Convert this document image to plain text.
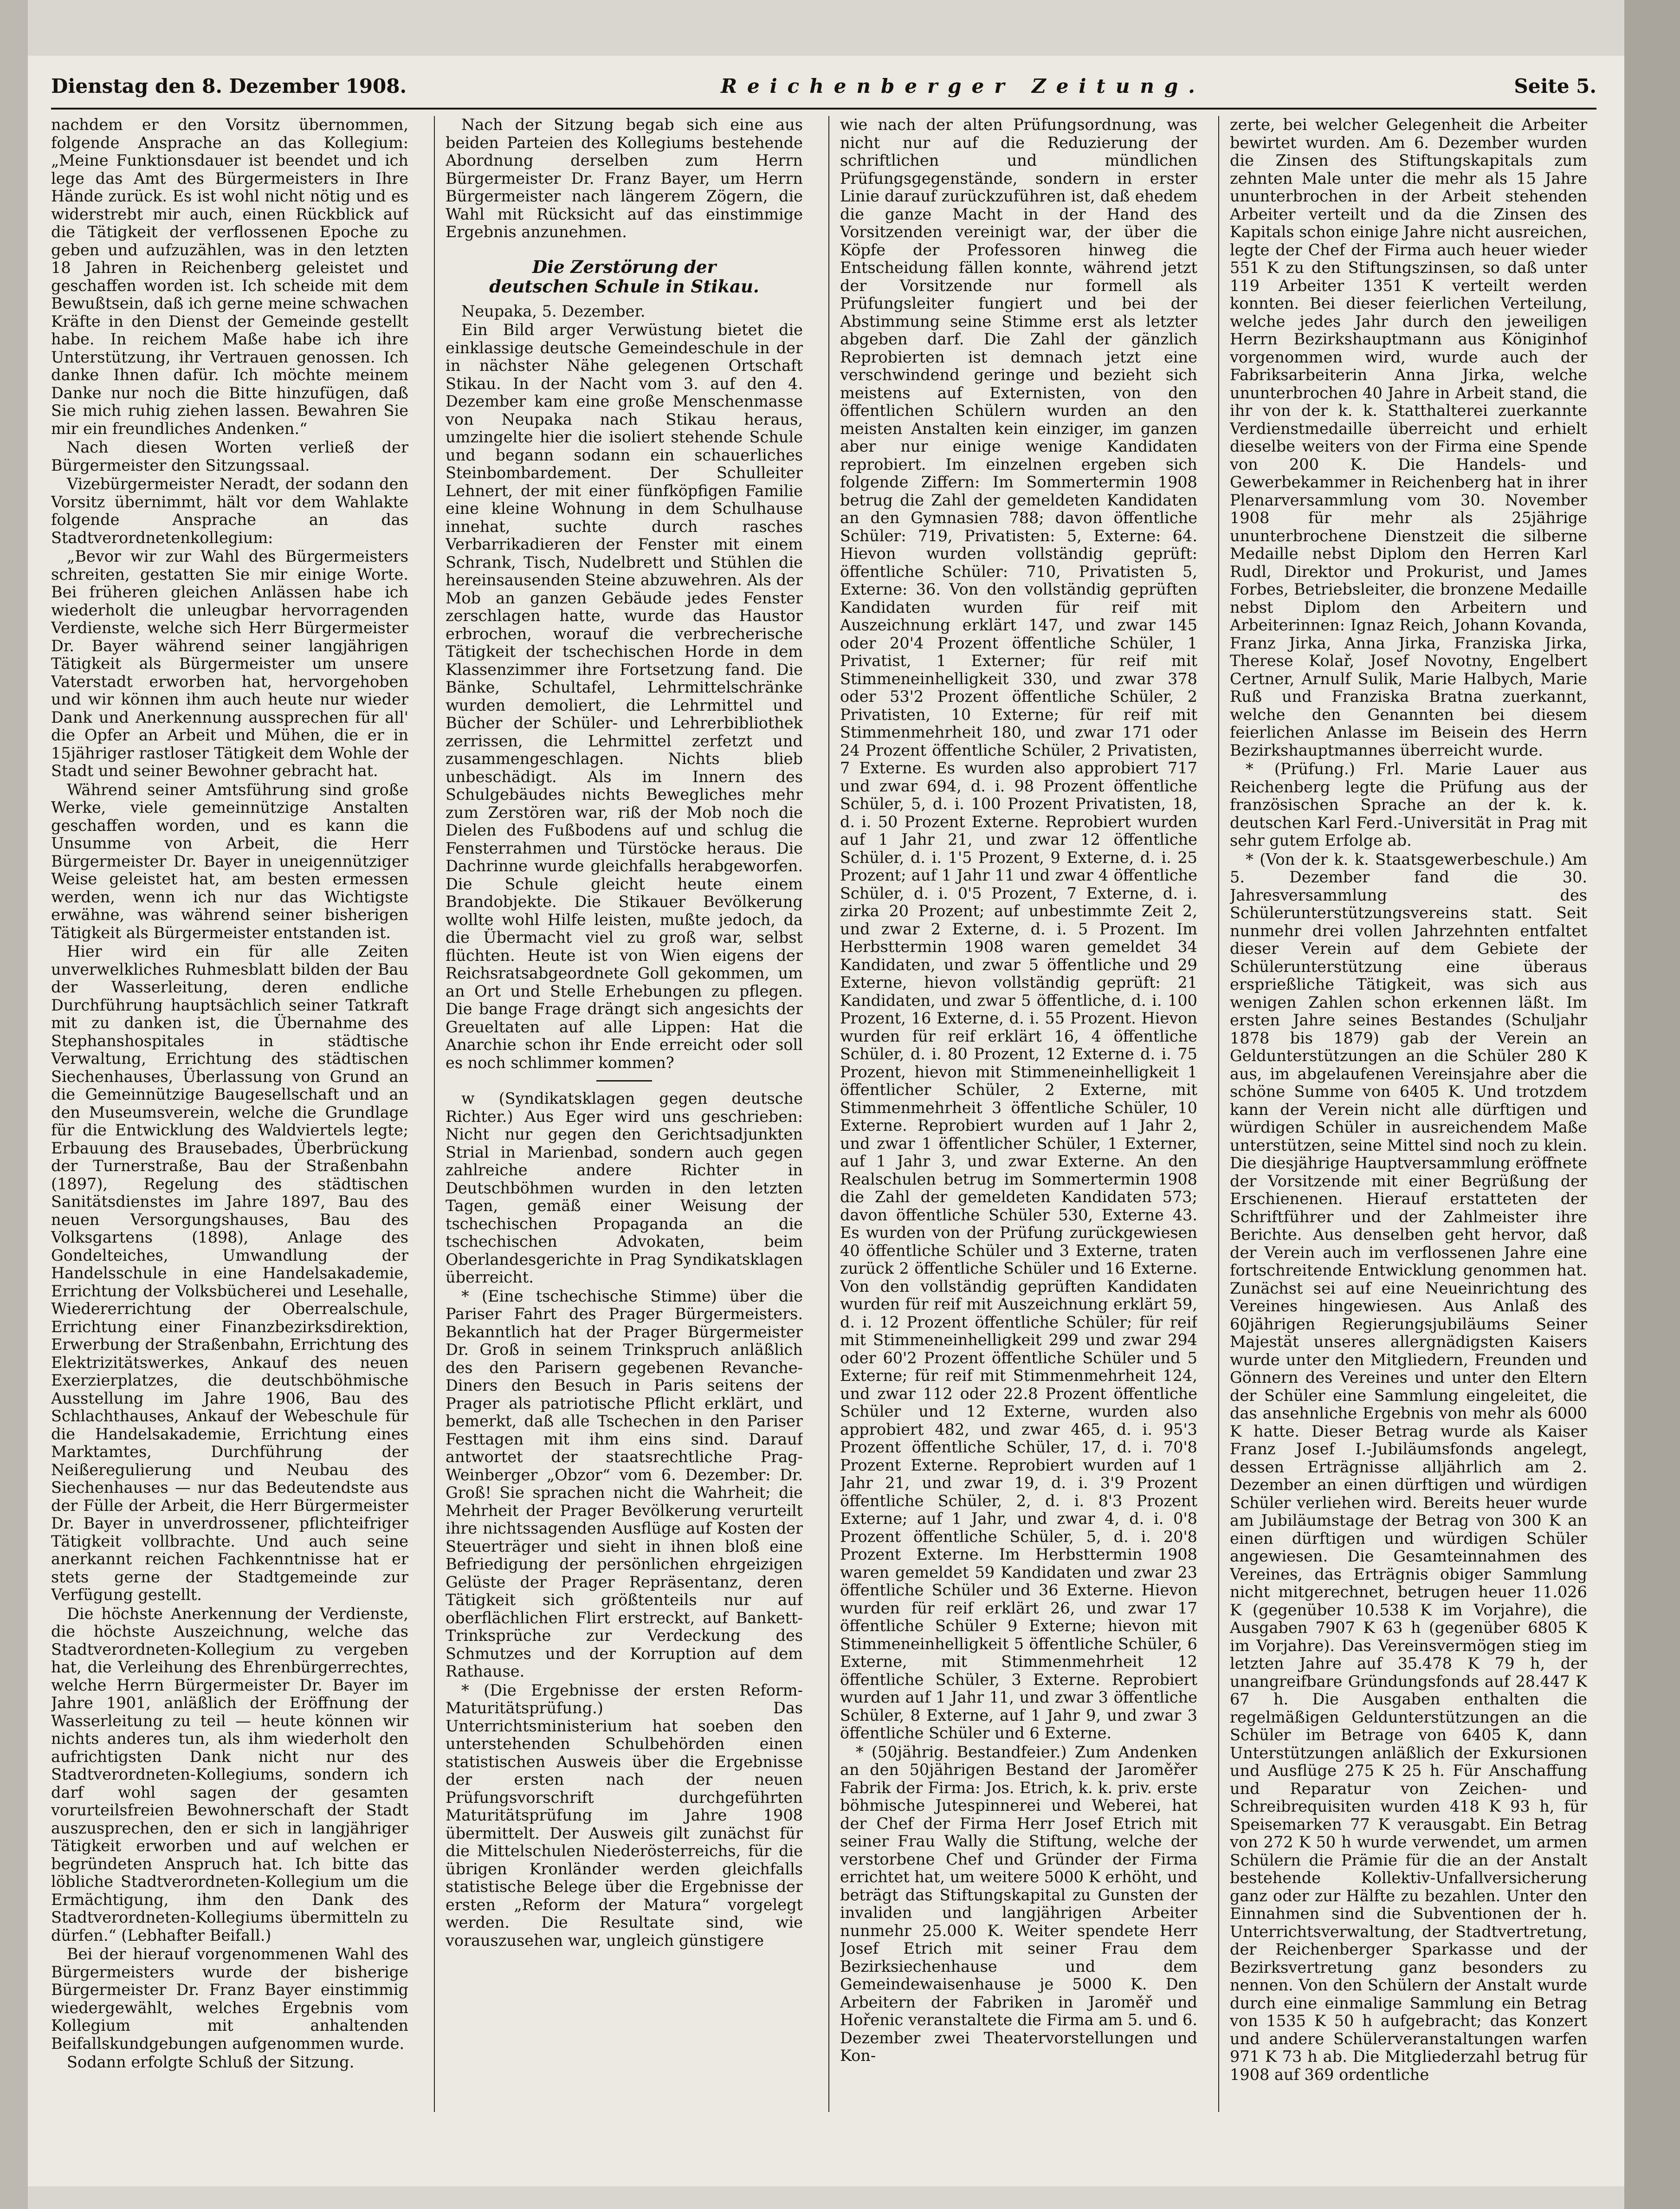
Dienstag den 8. Dezember 1908.	Reichenberger Zeitung.	Seite 5.

nachdem er den Vorsitz übernommen, folgende Ansprache an das Kollegium: „Meine Funktionsdauer ist beendet und ich lege das Amt des Bürgermeisters in Ihre Hände zurück. Es ist wohl nicht nötig und es widerstrebt mir auch, einen Rückblick auf die Tätigkeit der verflossenen Epoche zu geben und aufzuzählen, was in den letzten 18 Jahren in Reichenberg geleistet und geschaffen worden ist. Ich scheide mit dem Bewußtsein, daß ich gerne meine schwachen Kräfte in den Dienst der Gemeinde gestellt habe. In reichem Maße habe ich ihre Unterstützung, ihr Vertrauen genossen. Ich danke Ihnen dafür. Ich möchte meinem Danke nur noch die Bitte hinzufügen, daß Sie mich ruhig ziehen lassen. Bewahren Sie mir ein freundliches Andenken.“

Nach diesen Worten verließ der Bürgermeister den Sitzungssaal.

Vizebürgermeister Neradt, der sodann den Vorsitz übernimmt, hält vor dem Wahlakte folgende Ansprache an das Stadtverordnetenkollegium:

„Bevor wir zur Wahl des Bürgermeisters schreiten, gestatten Sie mir einige Worte. Bei früheren gleichen Anlässen habe ich wiederholt die unleugbar hervorragenden Verdienste, welche sich Herr Bürgermeister Dr. Bayer während seiner langjährigen Tätigkeit als Bürgermeister um unsere Vaterstadt erworben hat, hervorgehoben und wir können ihm auch heute nur wieder Dank und Anerkennung aussprechen für all' die Opfer an Arbeit und Mühen, die er in 15jähriger rastloser Tätigkeit dem Wohle der Stadt und seiner Bewohner gebracht hat.

Während seiner Amtsführung sind große Werke, viele gemeinnützige Anstalten geschaffen worden, und es kann die Unsumme von Arbeit, die Herr Bürgermeister Dr. Bayer in uneigennütziger Weise geleistet hat, am besten ermessen werden, wenn ich nur das Wichtigste erwähne, was während seiner bisherigen Tätigkeit als Bürgermeister entstanden ist.

Hier wird ein für alle Zeiten unverwelkliches Ruhmesblatt bilden der Bau der Wasserleitung, deren endliche Durchführung hauptsächlich seiner Tatkraft mit zu danken ist, die Übernahme des Stephanshospitales in städtische Verwaltung, Errichtung des städtischen Siechenhauses, Überlassung von Grund an die Gemeinnützige Baugesellschaft und an den Museumsverein, welche die Grundlage für die Entwicklung des Waldviertels legte; Erbauung des Brausebades, Überbrückung der Turnerstraße, Bau der Straßenbahn (1897), Regelung des städtischen Sanitätsdienstes im Jahre 1897, Bau des neuen Versorgungshauses, Bau des Volksgartens (1898), Anlage des Gondelteiches, Umwandlung der Handelsschule in eine Handelsakademie, Errichtung der Volksbücherei und Lesehalle, Wiedererrichtung der Oberrealschule, Errichtung einer Finanzbezirksdirektion, Erwerbung der Straßenbahn, Errichtung des Elektrizitätswerkes, Ankauf des neuen Exerzierplatzes, die deutschböhmische Ausstellung im Jahre 1906, Bau des Schlachthauses, Ankauf der Webeschule für die Handelsakademie, Errichtung eines Marktamtes, Durchführung der Neißeregulierung und Neubau des Siechenhauses — nur das Bedeutendste aus der Fülle der Arbeit, die Herr Bürgermeister Dr. Bayer in unverdrossener, pflichteifriger Tätigkeit vollbrachte. Und auch seine anerkannt reichen Fachkenntnisse hat er stets gerne der Stadtgemeinde zur Verfügung gestellt.

Die höchste Anerkennung der Verdienste, die höchste Auszeichnung, welche das Stadtverordneten-Kollegium zu vergeben hat, die Verleihung des Ehrenbürgerrechtes, welche Herrn Bürgermeister Dr. Bayer im Jahre 1901, anläßlich der Eröffnung der Wasserleitung zu teil — heute können wir nichts anderes tun, als ihm wiederholt den aufrichtigsten Dank nicht nur des Stadtverordneten-Kollegiums, sondern ich darf wohl sagen der gesamten vorurteilsfreien Bewohnerschaft der Stadt auszusprechen, den er sich in langjähriger Tätigkeit erworben und auf welchen er begründeten Anspruch hat. Ich bitte das löbliche Stadtverordneten-Kollegium um die Ermächtigung, ihm den Dank des Stadtverordneten-Kollegiums übermitteln zu dürfen.“ (Lebhafter Beifall.)

Bei der hierauf vorgenommenen Wahl des Bürgermeisters wurde der bisherige Bürgermeister Dr. Franz Bayer einstimmig wiedergewählt, welches Ergebnis vom Kollegium mit anhaltenden Beifallskundgebungen aufgenommen wurde.

Sodann erfolgte Schluß der Sitzung.

Nach der Sitzung begab sich eine aus beiden Parteien des Kollegiums bestehende Abordnung derselben zum Herrn Bürgermeister Dr. Franz Bayer, um Herrn Bürgermeister nach längerem Zögern, die Wahl mit Rücksicht auf das einstimmige Ergebnis anzunehmen.

Die Zerstörung der
deutschen Schule in Stikau.

Neupaka, 5. Dezember.

Ein Bild arger Verwüstung bietet die einklassige deutsche Gemeindeschule in der in nächster Nähe gelegenen Ortschaft Stikau. In der Nacht vom 3. auf den 4. Dezember kam eine große Menschenmasse von Neupaka nach Stikau heraus, umzingelte hier die isoliert stehende Schule und begann sodann ein schauerliches Steinbombardement. Der Schulleiter Lehnert, der mit einer fünfköpfigen Familie eine kleine Wohnung in dem Schulhause innehat, suchte durch rasches Verbarrikadieren der Fenster mit einem Schrank, Tisch, Nudelbrett und Stühlen die hereinsausenden Steine abzuwehren. Als der Mob an ganzen Gebäude jedes Fenster zerschlagen hatte, wurde das Haustor erbrochen, worauf die verbrecherische Tätigkeit der tschechischen Horde in dem Klassenzimmer ihre Fortsetzung fand. Die Bänke, Schultafel, Lehrmittelschränke wurden demoliert, die Lehrmittel und Bücher der Schüler- und Lehrerbibliothek zerrissen, die Lehrmittel zerfetzt und zusammengeschlagen. Nichts blieb unbeschädigt. Als im Innern des Schulgebäudes nichts Bewegliches mehr zum Zerstören war, riß der Mob noch die Dielen des Fußbodens auf und schlug die Fensterrahmen und Türstöcke heraus. Die Dachrinne wurde gleichfalls herabgeworfen. Die Schule gleicht heute einem Brandobjekte. Die Stikauer Bevölkerung wollte wohl Hilfe leisten, mußte jedoch, da die Übermacht viel zu groß war, selbst flüchten. Heute ist von Wien eigens der Reichsratsabgeordnete Goll gekommen, um an Ort und Stelle Erhebungen zu pflegen. Die bange Frage drängt sich angesichts der Greueltaten auf alle Lippen: Hat die Anarchie schon ihr Ende erreicht oder soll es noch schlimmer kommen?

w (Syndikatsklagen gegen deutsche Richter.) Aus Eger wird uns geschrieben: Nicht nur gegen den Gerichtsadjunkten Strial in Marienbad, sondern auch gegen zahlreiche andere Richter in Deutschböhmen wurden in den letzten Tagen, gemäß einer Weisung der tschechischen Propaganda an die tschechischen Advokaten, beim Oberlandesgerichte in Prag Syndikatsklagen überreicht.

* (Eine tschechische Stimme) über die Pariser Fahrt des Prager Bürgermeisters. Bekanntlich hat der Prager Bürgermeister Dr. Groß in seinem Trinkspruch anläßlich des den Parisern gegebenen Revanche-Diners den Besuch in Paris seitens der Prager als patriotische Pflicht erklärt, und bemerkt, daß alle Tschechen in den Pariser Festtagen mit ihm eins sind. Darauf antwortet der staatsrechtliche Prag-Weinberger „Obzor“ vom 6. Dezember: Dr. Groß! Sie sprachen nicht die Wahrheit; die Mehrheit der Prager Bevölkerung verurteilt ihre nichtssagenden Ausflüge auf Kosten der Steuerträger und sieht in ihnen bloß eine Befriedigung der persönlichen ehrgeizigen Gelüste der Prager Repräsentanz, deren Tätigkeit sich größtenteils nur auf oberflächlichen Flirt erstreckt, auf Bankett-Trinksprüche zur Verdeckung des Schmutzes und der Korruption auf dem Rathause.

* (Die Ergebnisse der ersten Reform-Maturitätsprüfung.) Das Unterrichtsministerium hat soeben den unterstehenden Schulbehörden einen statistischen Ausweis über die Ergebnisse der ersten nach der neuen Prüfungsvorschrift durchgeführten Maturitätsprüfung im Jahre 1908 übermittelt. Der Ausweis gilt zunächst für die Mittelschulen Niederösterreichs, für die übrigen Kronländer werden gleichfalls statistische Belege über die Ergebnisse der ersten „Reform der Matura“ vorgelegt werden. Die Resultate sind, wie vorauszusehen war, ungleich günstigere

wie nach der alten Prüfungsordnung, was nicht nur auf die Reduzierung der schriftlichen und mündlichen Prüfungsgegenstände, sondern in erster Linie darauf zurückzuführen ist, daß ehedem die ganze Macht in der Hand des Vorsitzenden vereinigt war, der über die Köpfe der Professoren hinweg die Entscheidung fällen konnte, während jetzt der Vorsitzende nur formell als Prüfungsleiter fungiert und bei der Abstimmung seine Stimme erst als letzter abgeben darf. Die Zahl der gänzlich Reprobierten ist demnach jetzt eine verschwindend geringe und bezieht sich meistens auf Externisten, von den öffentlichen Schülern wurden an den meisten Anstalten kein einziger, im ganzen aber nur einige wenige Kandidaten reprobiert. Im einzelnen ergeben sich folgende Ziffern: Im Sommertermin 1908 betrug die Zahl der gemeldeten Kandidaten an den Gymnasien 788; davon öffentliche Schüler: 719, Privatisten: 5, Externe: 64. Hievon wurden vollständig geprüft: öffentliche Schüler: 710, Privatisten 5, Externe: 36. Von den vollständig geprüften Kandidaten wurden für reif mit Auszeichnung erklärt 147, und zwar 145 oder 20'4 Prozent öffentliche Schüler, 1 Privatist, 1 Externer; für reif mit Stimmeneinhelligkeit 330, und zwar 378 oder 53'2 Prozent öffentliche Schüler, 2 Privatisten, 10 Externe; für reif mit Stimmenmehrheit 180, und zwar 171 oder 24 Prozent öffentliche Schüler, 2 Privatisten, 7 Externe. Es wurden also approbiert 717 und zwar 694, d. i. 98 Prozent öffentliche Schüler, 5, d. i. 100 Prozent Privatisten, 18, d. i. 50 Prozent Externe. Reprobiert wurden auf 1 Jahr 21, und zwar 12 öffentliche Schüler, d. i. 1'5 Prozent, 9 Externe, d. i. 25 Prozent; auf 1 Jahr 11 und zwar 4 öffentliche Schüler, d. i. 0'5 Prozent, 7 Externe, d. i. zirka 20 Prozent; auf unbestimmte Zeit 2, und zwar 2 Externe, d. i. 5 Prozent. Im Herbsttermin 1908 waren gemeldet 34 Kandidaten, und zwar 5 öffentliche und 29 Externe, hievon vollständig geprüft: 21 Kandidaten, und zwar 5 öffentliche, d. i. 100 Prozent, 16 Externe, d. i. 55 Prozent. Hievon wurden für reif erklärt 16, 4 öffentliche Schüler, d. i. 80 Prozent, 12 Externe d. i. 75 Prozent, hievon mit Stimmeneinhelligkeit 1 öffentlicher Schüler, 2 Externe, mit Stimmenmehrheit 3 öffentliche Schüler, 10 Externe. Reprobiert wurden auf 1 Jahr 2, und zwar 1 öffentlicher Schüler, 1 Externer, auf 1 Jahr 3, und zwar Externe. An den Realschulen betrug im Sommertermin 1908 die Zahl der gemeldeten Kandidaten 573; davon öffentliche Schüler 530, Externe 43. Es wurden von der Prüfung zurückgewiesen 40 öffentliche Schüler und 3 Externe, traten zurück 2 öffentliche Schüler und 16 Externe. Von den vollständig geprüften Kandidaten wurden für reif mit Auszeichnung erklärt 59, d. i. 12 Prozent öffentliche Schüler; für reif mit Stimmeneinhelligkeit 299 und zwar 294 oder 60'2 Prozent öffentliche Schüler und 5 Externe; für reif mit Stimmenmehrheit 124, und zwar 112 oder 22.8 Prozent öffentliche Schüler und 12 Externe, wurden also approbiert 482, und zwar 465, d. i. 95'3 Prozent öffentliche Schüler, 17, d. i. 70'8 Prozent Externe. Reprobiert wurden auf 1 Jahr 21, und zwar 19, d. i. 3'9 Prozent öffentliche Schüler, 2, d. i. 8'3 Prozent Externe; auf 1 Jahr, und zwar 4, d. i. 0'8 Prozent öffentliche Schüler, 5, d. i. 20'8 Prozent Externe. Im Herbsttermin 1908 waren gemeldet 59 Kandidaten und zwar 23 öffentliche Schüler und 36 Externe. Hievon wurden für reif erklärt 26, und zwar 17 öffentliche Schüler 9 Externe; hievon mit Stimmeneinhelligkeit 5 öffentliche Schüler, 6 Externe, mit Stimmenmehrheit 12 öffentliche Schüler, 3 Externe. Reprobiert wurden auf 1 Jahr 11, und zwar 3 öffentliche Schüler, 8 Externe, auf 1 Jahr 9, und zwar 3 öffentliche Schüler und 6 Externe.

* (50jährig. Bestandfeier.) Zum Andenken an den 50jährigen Bestand der Jaroměřer Fabrik der Firma: Jos. Etrich, k. k. priv. erste böhmische Jutespinnerei und Weberei, hat der Chef der Firma Herr Josef Etrich mit seiner Frau Wally die Stiftung, welche der verstorbene Chef und Gründer der Firma errichtet hat, um weitere 5000 K erhöht, und beträgt das Stiftungskapital zu Gunsten der invaliden und langjährigen Arbeiter nunmehr 25.000 K. Weiter spendete Herr Josef Etrich mit seiner Frau dem Bezirksiechenhause und dem Gemeindewaisenhause je 5000 K. Den Arbeitern der Fabriken in Jaroměř und Hořenic veranstaltete die Firma am 5. und 6. Dezember zwei Theatervorstellungen und Kon-

zerte, bei welcher Gelegenheit die Arbeiter bewirtet wurden. Am 6. Dezember wurden die Zinsen des Stiftungskapitals zum zehnten Male unter die mehr als 15 Jahre ununterbrochen in der Arbeit stehenden Arbeiter verteilt und da die Zinsen des Kapitals schon einige Jahre nicht ausreichen, legte der Chef der Firma auch heuer wieder 551 K zu den Stiftungszinsen, so daß unter 119 Arbeiter 1351 K verteilt werden konnten. Bei dieser feierlichen Verteilung, welche jedes Jahr durch den jeweiligen Herrn Bezirkshauptmann aus Königinhof vorgenommen wird, wurde auch der Fabriksarbeiterin Anna Jirka, welche ununterbrochen 40 Jahre in Arbeit stand, die ihr von der k. k. Statthalterei zuerkannte Verdienstmedaille überreicht und erhielt dieselbe weiters von der Firma eine Spende von 200 K. Die Handels- und Gewerbekammer in Reichenberg hat in ihrer Plenarversammlung vom 30. November 1908 für mehr als 25jährige ununterbrochene Dienstzeit die silberne Medaille nebst Diplom den Herren Karl Rudl, Direktor und Prokurist, und James Forbes, Betriebsleiter, die bronzene Medaille nebst Diplom den Arbeitern und Arbeiterinnen: Ignaz Reich, Johann Kovanda, Franz Jirka, Anna Jirka, Franziska Jirka, Therese Kolař, Josef Novotny, Engelbert Certner, Arnulf Sulik, Marie Halbych, Marie Ruß und Franziska Bratna zuerkannt, welche den Genannten bei diesem feierlichen Anlasse im Beisein des Herrn Bezirkshauptmannes überreicht wurde.

* (Prüfung.) Frl. Marie Lauer aus Reichenberg legte die Prüfung aus der französischen Sprache an der k. k. deutschen Karl Ferd.-Universität in Prag mit sehr gutem Erfolge ab.

* (Von der k. k. Staatsgewerbeschule.) Am 5. Dezember fand die 30. Jahresversammlung des Schülerunterstützungsvereins statt. Seit nunmehr drei vollen Jahrzehnten entfaltet dieser Verein auf dem Gebiete der Schülerunterstützung eine überaus ersprießliche Tätigkeit, was sich aus wenigen Zahlen schon erkennen läßt. Im ersten Jahre seines Bestandes (Schuljahr 1878 bis 1879) gab der Verein an Geldunterstützungen an die Schüler 280 K aus, im abgelaufenen Vereinsjahre aber die schöne Summe von 6405 K. Und trotzdem kann der Verein nicht alle dürftigen und würdigen Schüler in ausreichendem Maße unterstützen, seine Mittel sind noch zu klein. Die diesjährige Hauptversammlung eröffnete der Vorsitzende mit einer Begrüßung der Erschienenen. Hierauf erstatteten der Schriftführer und der Zahlmeister ihre Berichte. Aus denselben geht hervor, daß der Verein auch im verflossenen Jahre eine fortschreitende Entwicklung genommen hat. Zunächst sei auf eine Neueinrichtung des Vereines hingewiesen. Aus Anlaß des 60jährigen Regierungsjubiläums Seiner Majestät unseres allergnädigsten Kaisers wurde unter den Mitgliedern, Freunden und Gönnern des Vereines und unter den Eltern der Schüler eine Sammlung eingeleitet, die das ansehnliche Ergebnis von mehr als 6000 K hatte. Dieser Betrag wurde als Kaiser Franz Josef I.-Jubiläumsfonds angelegt, dessen Erträgnisse alljährlich am 2. Dezember an einen dürftigen und würdigen Schüler verliehen wird. Bereits heuer wurde am Jubiläumstage der Betrag von 300 K an einen dürftigen und würdigen Schüler angewiesen. Die Gesamteinnahmen des Vereines, das Erträgnis obiger Sammlung nicht mitgerechnet, betrugen heuer 11.026 K (gegenüber 10.538 K im Vorjahre), die Ausgaben 7907 K 63 h (gegenüber 6805 K im Vorjahre). Das Vereinsvermögen stieg im letzten Jahre auf 35.478 K 79 h, der unangreifbare Gründungsfonds auf 28.447 K 67 h. Die Ausgaben enthalten die regelmäßigen Geldunterstützungen an die Schüler im Betrage von 6405 K, dann Unterstützungen anläßlich der Exkursionen und Ausflüge 275 K 25 h. Für Anschaffung und Reparatur von Zeichen- und Schreibrequisiten wurden 418 K 93 h, für Speisemarken 77 K verausgabt. Ein Betrag von 272 K 50 h wurde verwendet, um armen Schülern die Prämie für die an der Anstalt bestehende Kollektiv-Unfallversicherung ganz oder zur Hälfte zu bezahlen. Unter den Einnahmen sind die Subventionen der h. Unterrichtsverwaltung, der Stadtvertretung, der Reichenberger Sparkasse und der Bezirksvertretung ganz besonders zu nennen. Von den Schülern der Anstalt wurde durch eine einmalige Sammlung ein Betrag von 1535 K 50 h aufgebracht; das Konzert und andere Schülerveranstaltungen warfen 971 K 73 h ab. Die Mitgliederzahl betrug für 1908 auf 369 ordentliche
